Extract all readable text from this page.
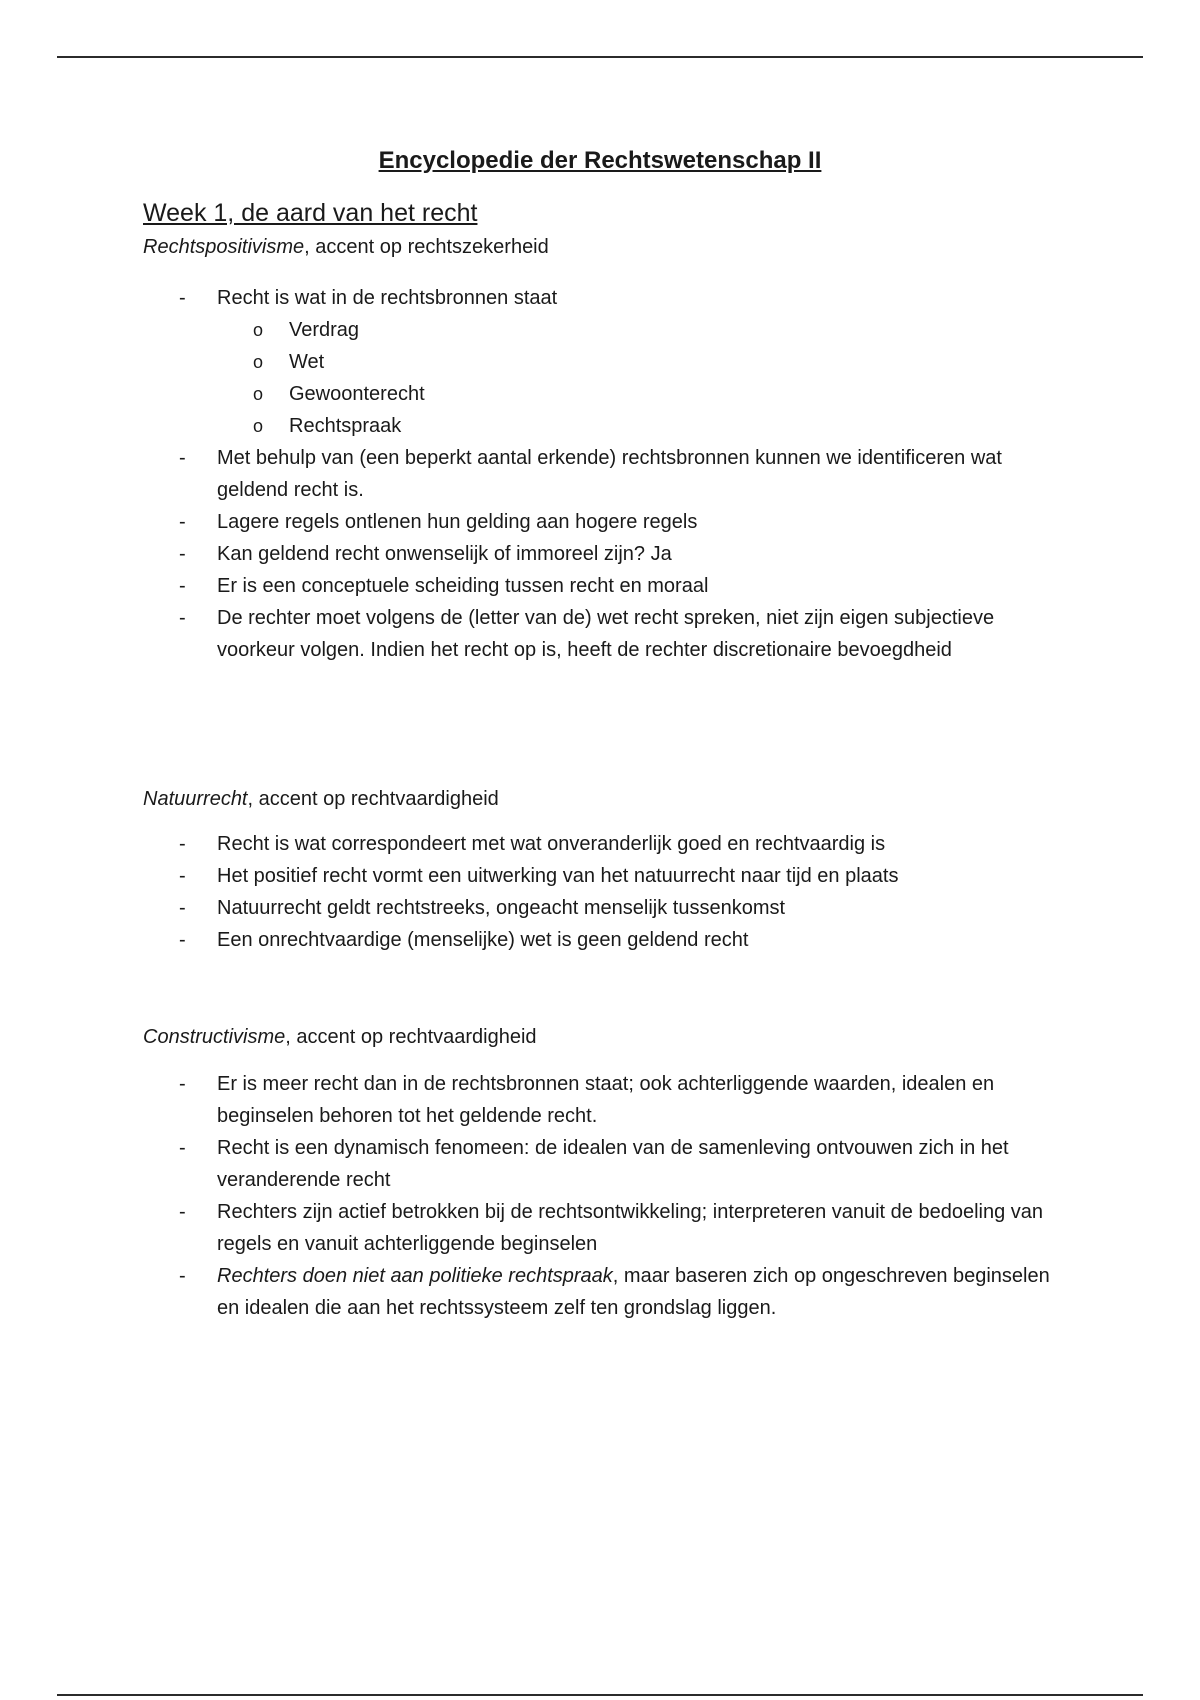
Encyclopedie der Rechtswetenschap II
Week 1, de aard van het recht
Rechtspositivisme, accent op rechtszekerheid
- Recht is wat in de rechtsbronnen staat
o Verdrag
o Wet
o Gewoonterecht
o Rechtspraak
- Met behulp van (een beperkt aantal erkende) rechtsbronnen kunnen we identificeren wat geldend recht is.
- Lagere regels ontlenen hun gelding aan hogere regels
- Kan geldend recht onwenselijk of immoreel zijn? Ja
- Er is een conceptuele scheiding tussen recht en moraal
- De rechter moet volgens de (letter van de) wet recht spreken, niet zijn eigen subjectieve voorkeur volgen. Indien het recht op is, heeft de rechter discretionaire bevoegdheid
Natuurrecht, accent op rechtvaardigheid
- Recht is wat correspondeert met wat onveranderlijk goed en rechtvaardig is
- Het positief recht vormt een uitwerking van het natuurrecht naar tijd en plaats
- Natuurrecht geldt rechtstreeks, ongeacht menselijk tussenkomst
- Een onrechtvaardige (menselijke) wet is geen geldend recht
Constructivisme, accent op rechtvaardigheid
- Er is meer recht dan in de rechtsbronnen staat; ook achterliggende waarden, idealen en beginselen behoren tot het geldende recht.
- Recht is een dynamisch fenomeen: de idealen van de samenleving ontvouwen zich in het veranderende recht
- Rechters zijn actief betrokken bij de rechtsontwikkeling; interpreteren vanuit de bedoeling van regels en vanuit achterliggende beginselen
- Rechters doen niet aan politieke rechtspraak, maar baseren zich op ongeschreven beginselen en idealen die aan het rechtssysteem zelf ten grondslag liggen.
